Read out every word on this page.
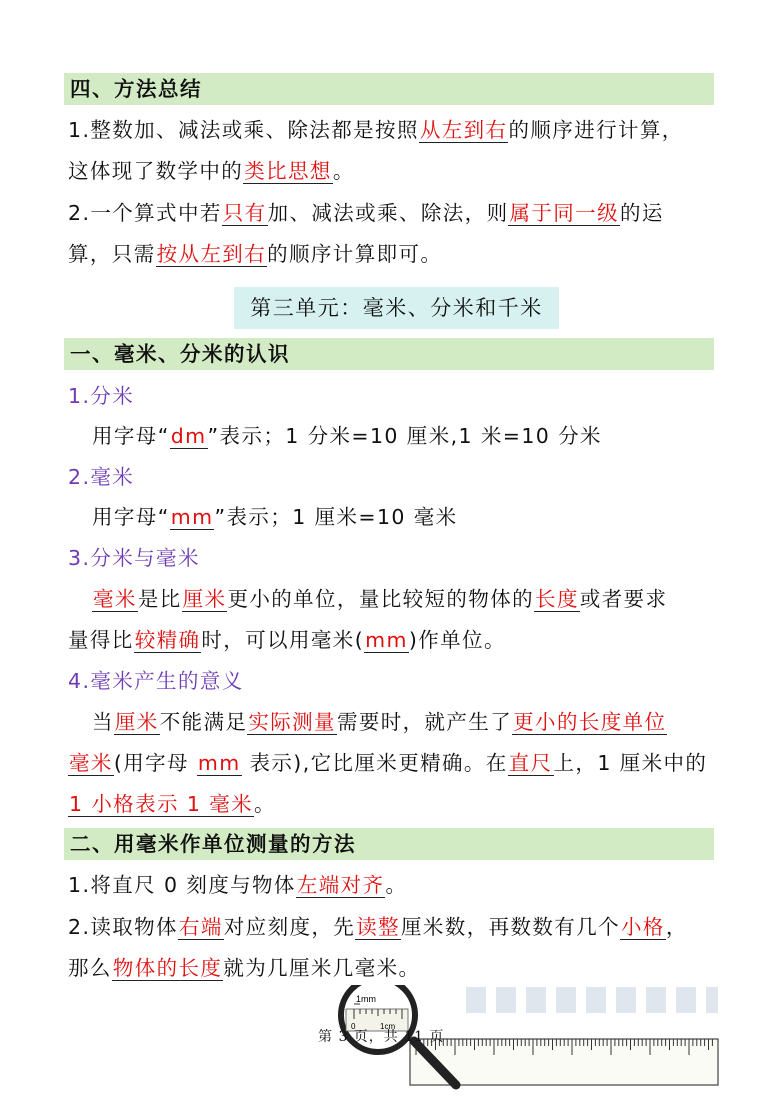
四、方法总结
1.整数加、减法或乘、除法都是按照从左到右的顺序进行计算，
这体现了数学中的类比思想。
2.一个算式中若只有加、减法或乘、除法，则属于同一级的运
算，只需按从左到右的顺序计算即可。
第三单元：毫米、分米和千米
一、毫米、分米的认识
1.分米
用字母“dm”表示；1 分米=10 厘米,1 米=10 分米
2.毫米
用字母“mm”表示；1 厘米=10 毫米
3.分米与毫米
毫米是比厘米更小的单位，量比较短的物体的长度或者要求
量得比较精确时，可以用毫米(mm)作单位。
4.毫米产生的意义
当厘米不能满足实际测量需要时，就产生了更小的长度单位
毫米(用字母 mm 表示),它比厘米更精确。在直尺上，1 厘米中的
1 小格表示 1 毫米。
二、用毫米作单位测量的方法
1.将直尺 0 刻度与物体左端对齐。
2.读取物体右端对应刻度，先读整厘米数，再数数有几个小格，
那么物体的长度就为几厘米几毫米。
1mm
0	1cm
第 3 页，共 11 页
